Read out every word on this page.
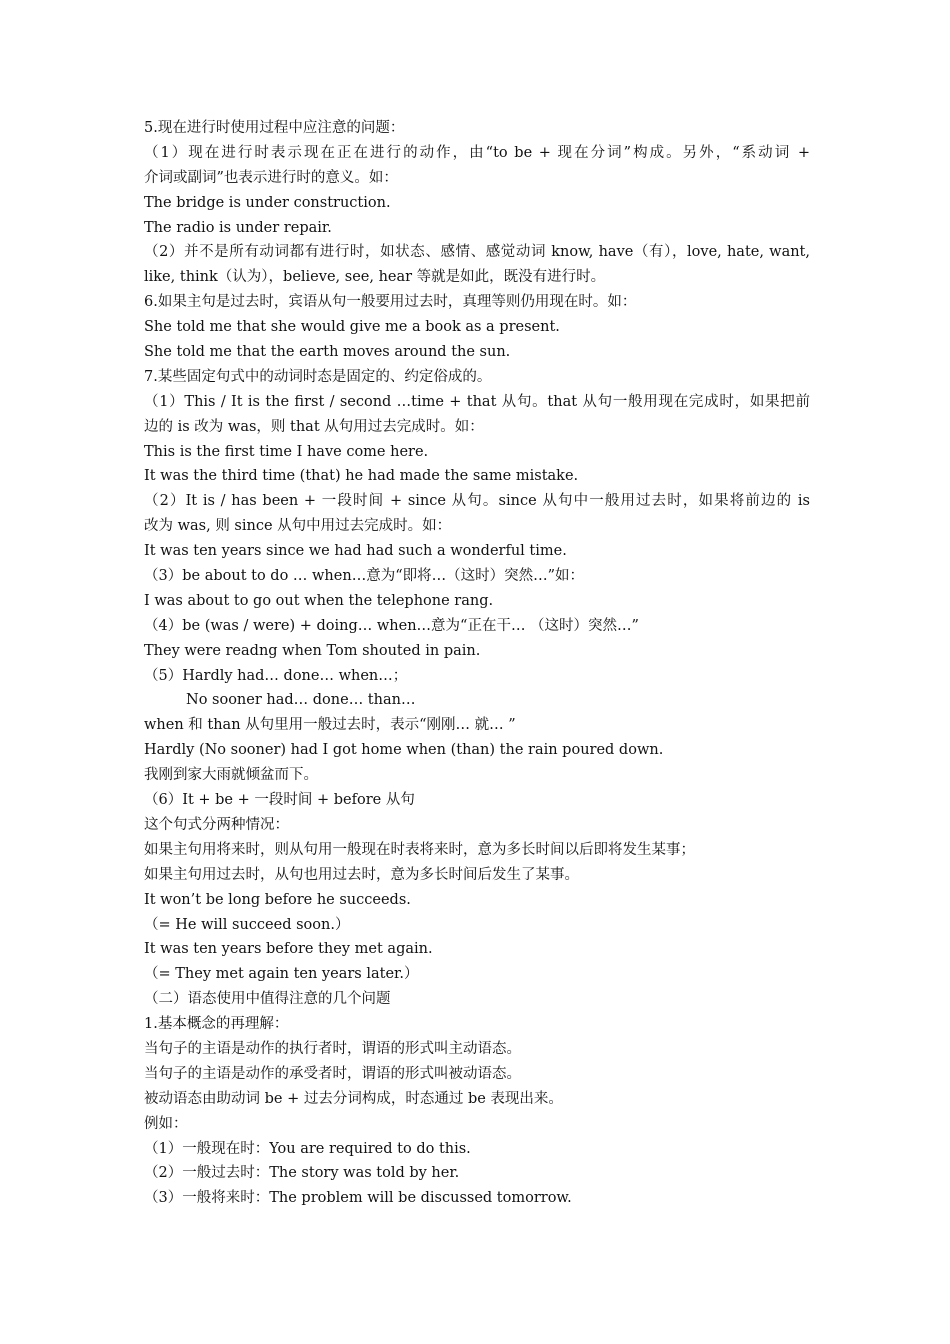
5.现在进行时使用过程中应注意的问题：
（1）现在进行时表示现在正在进行的动作，由“to be + 现在分词”构成。另外，“系动词 +
介词或副词”也表示进行时的意义。如：
The bridge is under construction.
The radio is under repair.
（2）并不是所有动词都有进行时，如状态、感情、感觉动词 know, have（有），love, hate, want,
like, think（认为），believe, see, hear 等就是如此，既没有进行时。
6.如果主句是过去时，宾语从句一般要用过去时，真理等则仍用现在时。如：
She told me that she would give me a book as a present.
She told me that the earth moves around the sun.
7.某些固定句式中的动词时态是固定的、约定俗成的。
（1）This / It is the first / second …time + that 从句。that 从句一般用现在完成时，如果把前
边的 is 改为 was，则 that 从句用过去完成时。如：
This is the first time I have come here.
It was the third time (that) he had made the same mistake.
（2）It is / has been + 一段时间 + since 从句。since 从句中一般用过去时，如果将前边的 is
改为 was, 则 since 从句中用过去完成时。如：
It was ten years since we had had such a wonderful time.
（3）be about to do … when…意为“即将…（这时）突然…”如：
I was about to go out when the telephone rang.
（4）be (was / were) + doing… when…意为“正在干… （这时）突然…”
They were readng when Tom shouted in pain.
（5）Hardly had… done… when…；
No sooner had… done… than…
when 和 than 从句里用一般过去时，表示“刚刚… 就… ”
Hardly (No sooner) had I got home when (than) the rain poured down.
我刚到家大雨就倾盆而下。
（6）It + be + 一段时间 + before 从句
这个句式分两种情况：
如果主句用将来时，则从句用一般现在时表将来时，意为多长时间以后即将发生某事；
如果主句用过去时，从句也用过去时，意为多长时间后发生了某事。
It won’t be long before he succeeds.
（= He will succeed soon.）
It was ten years before they met again.
（= They met again ten years later.）
（二）语态使用中值得注意的几个问题
1.基本概念的再理解：
当句子的主语是动作的执行者时，谓语的形式叫主动语态。
当句子的主语是动作的承受者时，谓语的形式叫被动语态。
被动语态由助动词 be + 过去分词构成，时态通过 be 表现出来。
例如：
（1）一般现在时：You are required to do this.
（2）一般过去时：The story was told by her.
（3）一般将来时：The problem will be discussed tomorrow.
